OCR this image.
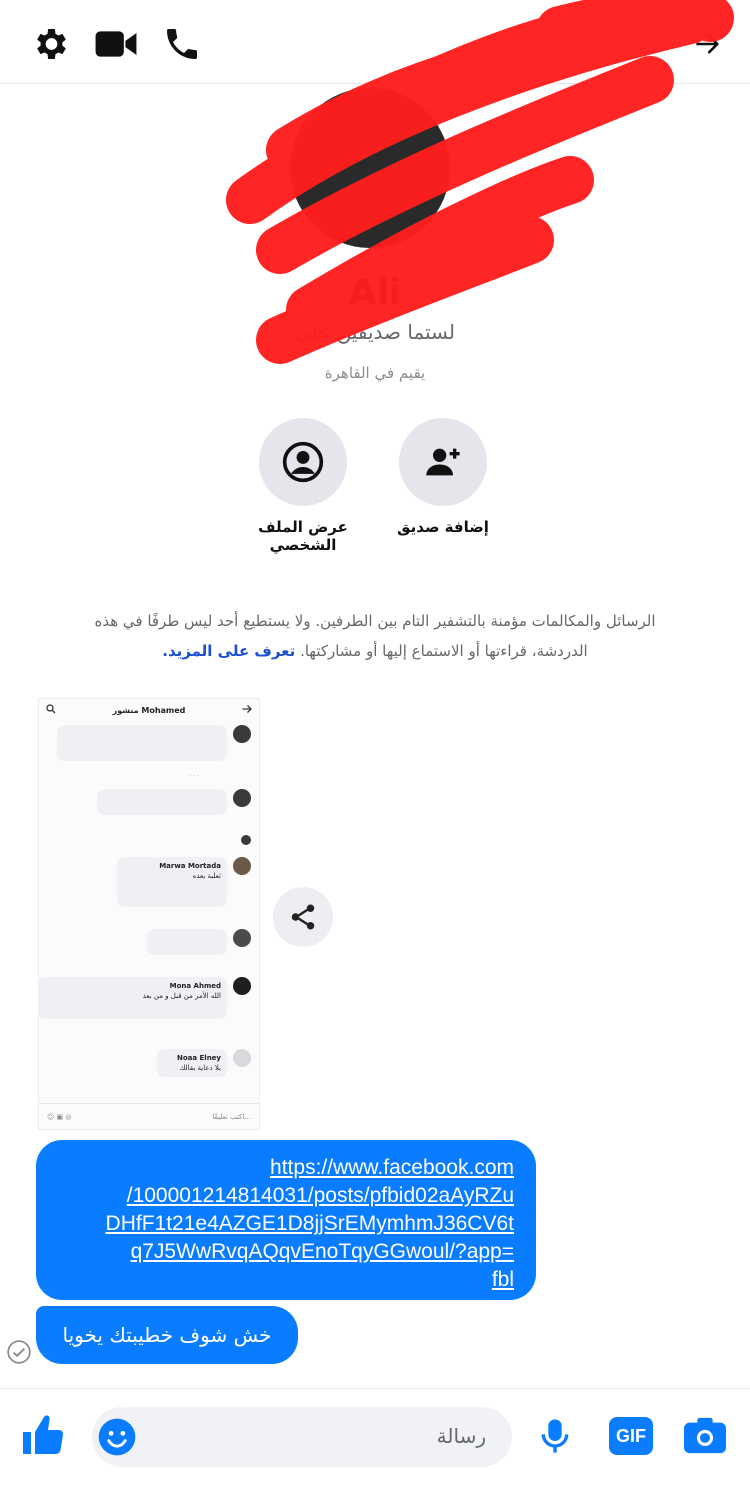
Ali
لستما صديقين على
يقيم في القاهرة
إضافة صديق
عرض الملف الشخصي
الرسائل والمكالمات مؤمنة بالتشفير التام بين الطرفين. ولا يستطيع أحد ليس طرفًا في هذه الدردشة، قراءتها أو الاستماع إليها أو مشاركتها. تعرف على المزيد.
منشور Mohamed
· · ·
Marwa Mortada
ثعلبة بعده
Mona Ahmed
الله الأمر من قبل و من بعد
Noaa Elney
بلا دعاية بقالك
☺ ▣ ◎	اكتب تعليقًا...
https://www.facebook.com
/100001214814031/posts/pfbid02aAyRZu
DHfF1t21e4AZGE1D8jjSrEMymhmJ36CV6t
q7J5WwRvqAQqvEnoTqyGGwoul/?app=
fbl
خش شوف خطيبتك يخويا
رسالة	GIF
